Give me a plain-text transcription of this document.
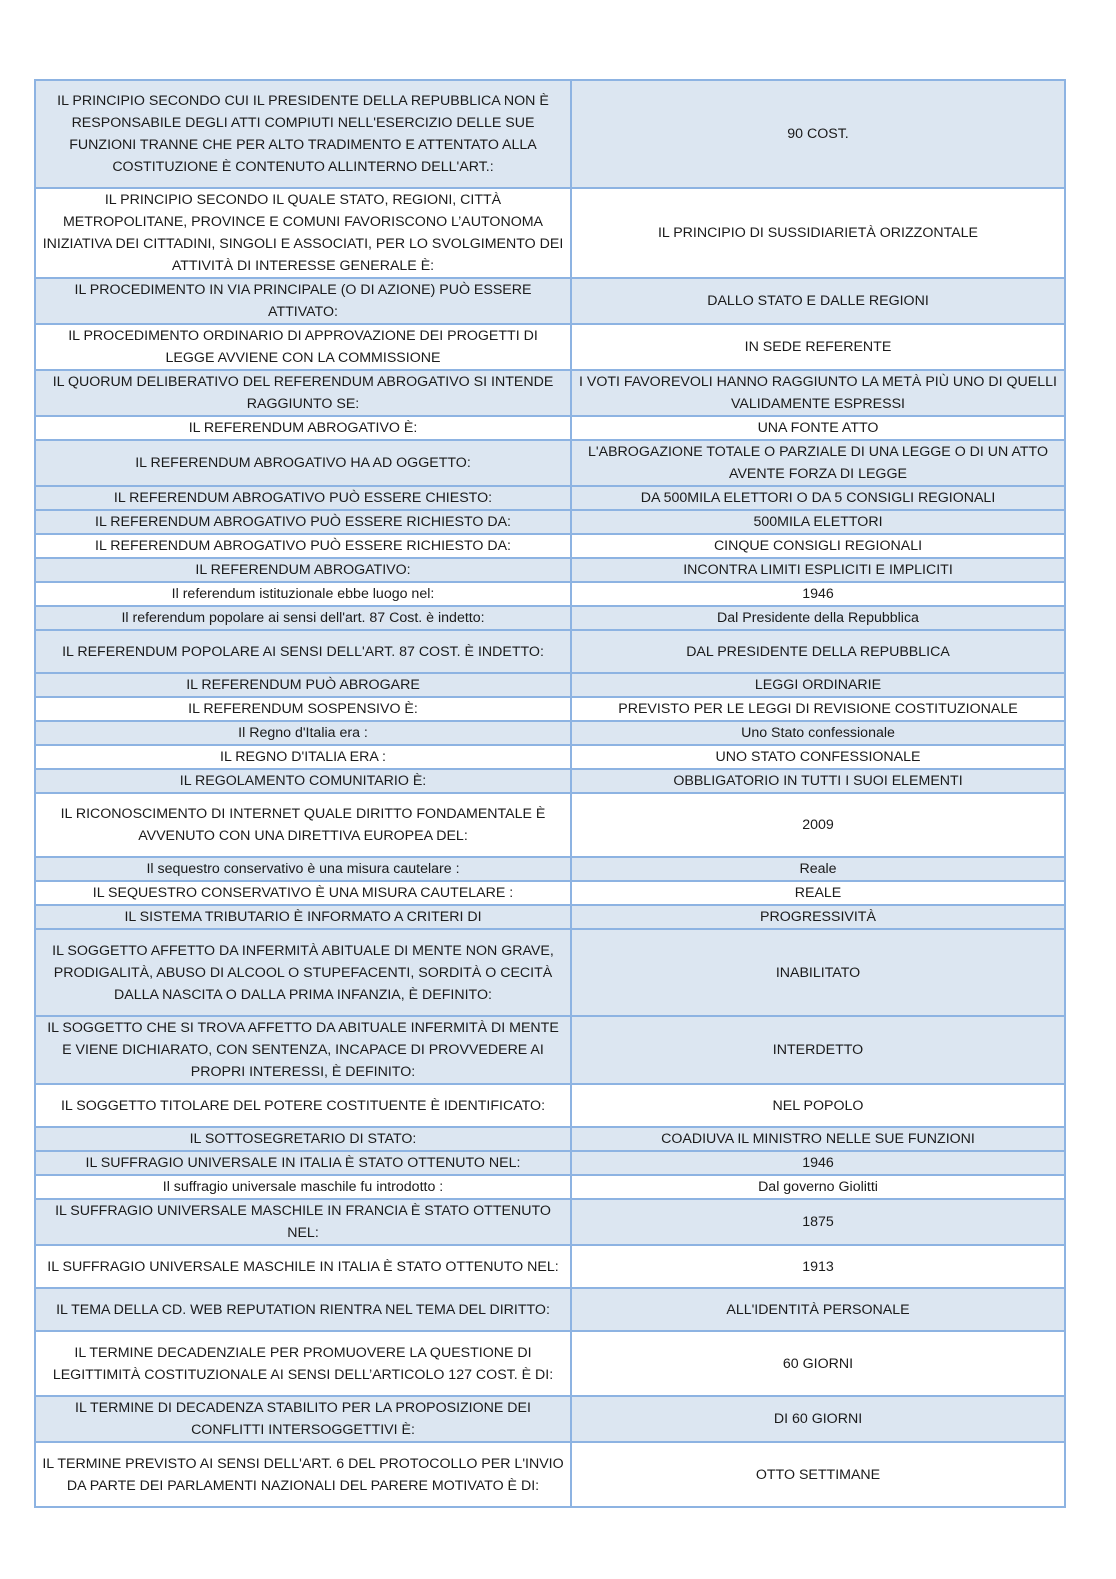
IL PRINCIPIO SECONDO CUI IL PRESIDENTE DELLA REPUBBLICA NON È RESPONSABILE DEGLI ATTI COMPIUTI NELL'ESERCIZIO DELLE SUE FUNZIONI TRANNE CHE PER ALTO TRADIMENTO E ATTENTATO ALLA COSTITUZIONE È CONTENUTO ALLINTERNO DELL'ART.:	90 COST.
IL PRINCIPIO SECONDO IL QUALE STATO, REGIONI, CITTÀ METROPOLITANE, PROVINCE E COMUNI FAVORISCONO L’AUTONOMA INIZIATIVA DEI CITTADINI, SINGOLI E ASSOCIATI, PER LO SVOLGIMENTO DEI ATTIVITÀ DI INTERESSE GENERALE È:	IL PRINCIPIO DI SUSSIDIARIETÀ ORIZZONTALE
IL PROCEDIMENTO IN VIA PRINCIPALE (O DI AZIONE) PUÒ ESSERE ATTIVATO:	DALLO STATO E DALLE REGIONI
IL PROCEDIMENTO ORDINARIO DI APPROVAZIONE DEI PROGETTI DI LEGGE AVVIENE CON LA COMMISSIONE	IN SEDE REFERENTE
IL QUORUM DELIBERATIVO DEL REFERENDUM ABROGATIVO SI INTENDE RAGGIUNTO SE:	I VOTI FAVOREVOLI HANNO RAGGIUNTO LA METÀ PIÙ UNO DI QUELLI VALIDAMENTE ESPRESSI
IL REFERENDUM ABROGATIVO È:	UNA FONTE ATTO
IL REFERENDUM ABROGATIVO HA AD OGGETTO:	L'ABROGAZIONE TOTALE O PARZIALE DI UNA LEGGE O DI UN ATTO AVENTE FORZA DI LEGGE
IL REFERENDUM ABROGATIVO PUÒ ESSERE CHIESTO:	DA 500MILA ELETTORI O DA 5 CONSIGLI REGIONALI
IL REFERENDUM ABROGATIVO PUÒ ESSERE RICHIESTO DA:	500MILA ELETTORI
IL REFERENDUM ABROGATIVO PUÒ ESSERE RICHIESTO DA:	CINQUE CONSIGLI REGIONALI
IL REFERENDUM ABROGATIVO:	INCONTRA LIMITI ESPLICITI E IMPLICITI
Il referendum istituzionale ebbe luogo nel:	1946
Il referendum popolare ai sensi dell'art. 87 Cost. è indetto:	Dal Presidente della Repubblica
IL REFERENDUM POPOLARE AI SENSI DELL'ART. 87 COST. È INDETTO:	DAL PRESIDENTE DELLA REPUBBLICA
IL REFERENDUM PUÒ ABROGARE	LEGGI ORDINARIE
IL REFERENDUM SOSPENSIVO È:	PREVISTO PER LE LEGGI DI REVISIONE COSTITUZIONALE
Il Regno d'Italia era :	Uno Stato confessionale
IL REGNO D'ITALIA ERA :	UNO STATO CONFESSIONALE
IL REGOLAMENTO COMUNITARIO È:	OBBLIGATORIO IN TUTTI I SUOI ELEMENTI
IL RICONOSCIMENTO DI INTERNET QUALE DIRITTO FONDAMENTALE È AVVENUTO CON UNA DIRETTIVA EUROPEA DEL:	2009
Il sequestro conservativo è una misura cautelare :	Reale
IL SEQUESTRO CONSERVATIVO È UNA MISURA CAUTELARE :	REALE
IL SISTEMA TRIBUTARIO È INFORMATO A CRITERI DI	PROGRESSIVITÀ
IL SOGGETTO AFFETTO DA INFERMITÀ ABITUALE DI MENTE NON GRAVE, PRODIGALITÀ, ABUSO DI ALCOOL O STUPEFACENTI, SORDITÀ O CECITÀ DALLA NASCITA O DALLA PRIMA INFANZIA, È DEFINITO:	INABILITATO
IL SOGGETTO CHE SI TROVA AFFETTO DA ABITUALE INFERMITÀ DI MENTE E VIENE DICHIARATO, CON SENTENZA, INCAPACE DI PROVVEDERE AI PROPRI INTERESSI, È DEFINITO:	INTERDETTO
IL SOGGETTO TITOLARE DEL POTERE COSTITUENTE È IDENTIFICATO:	NEL POPOLO
IL SOTTOSEGRETARIO DI STATO:	COADIUVA IL MINISTRO NELLE SUE FUNZIONI
IL SUFFRAGIO UNIVERSALE IN ITALIA È STATO OTTENUTO NEL:	1946
Il suffragio universale maschile fu introdotto :	Dal governo Giolitti
IL SUFFRAGIO UNIVERSALE MASCHILE IN FRANCIA È STATO OTTENUTO NEL:	1875
IL SUFFRAGIO UNIVERSALE MASCHILE IN ITALIA È STATO OTTENUTO NEL:	1913
IL TEMA DELLA CD. WEB REPUTATION RIENTRA NEL TEMA DEL DIRITTO:	ALL'IDENTITÀ PERSONALE
IL TERMINE DECADENZIALE PER PROMUOVERE LA QUESTIONE DI LEGITTIMITÀ COSTITUZIONALE AI SENSI DELL’ARTICOLO 127 COST. È DI:	60 GIORNI
IL TERMINE DI DECADENZA STABILITO PER LA PROPOSIZIONE DEI CONFLITTI INTERSOGGETTIVI È:	DI 60 GIORNI
IL TERMINE PREVISTO AI SENSI DELL'ART. 6 DEL PROTOCOLLO PER L'INVIO DA PARTE DEI PARLAMENTI NAZIONALI DEL PARERE MOTIVATO È DI:	OTTO SETTIMANE
